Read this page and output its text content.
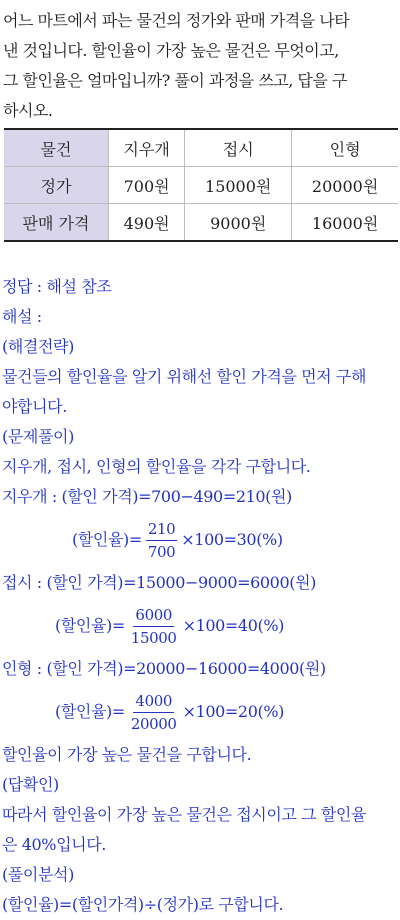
어느 마트에서 파는 물건의 정가와 판매 가격을 나타
낸 것입니다. 할인율이 가장 높은 물건은 무엇이고,
그 할인율은 얼마입니까? 풀이 과정을 쓰고, 답을 구
하시오.
물건	지우개	접시	인형
정가	700원	15000원	20000원
판매 가격	490원	9000원	16000원
정답 : 해설 참조
해설 :
(해결전략)
물건들의 할인율을 알기 위해선 할인 가격을 먼저 구해
야합니다.
(문제풀이)
지우개, 접시, 인형의 할인율을 각각 구합니다.
지우개 : (할인 가격)=700−490=210(원)
(할인율)= $\frac{210}{700} \times 100=30(\%)$
접시 : (할인 가격)=15000−9000=6000(원)
(할인율)= $\frac{6000}{15000} \times 100=40(\%)$
인형 : (할인 가격)=20000−16000=4000(원)
(할인율)= $\frac{4000}{20000} \times 100=20(\%)$
할인율이 가장 높은 물건을 구합니다.
(답확인)
따라서 할인율이 가장 높은 물건은 접시이고 그 할인율
은 40%입니다.
(풀이분석)
(할인율)=(할인가격)÷(정가)로 구합니다.
